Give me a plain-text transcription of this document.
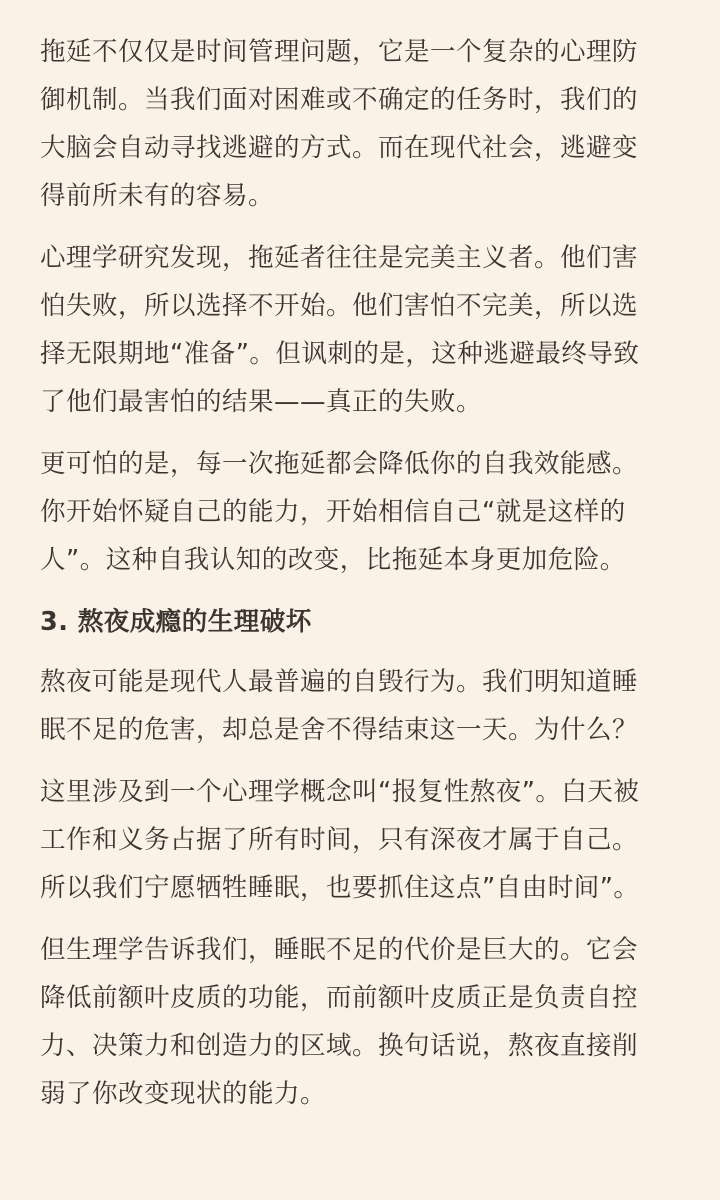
拖延不仅仅是时间管理问题，它是一个复杂的心理防
御机制。当我们面对困难或不确定的任务时，我们的
大脑会自动寻找逃避的方式。而在现代社会，逃避变
得前所未有的容易。

心理学研究发现，拖延者往往是完美主义者。他们害
怕失败，所以选择不开始。他们害怕不完美，所以选
择无限期地“准备”。但讽刺的是，这种逃避最终导致
了他们最害怕的结果——真正的失败。

更可怕的是，每一次拖延都会降低你的自我效能感。
你开始怀疑自己的能力，开始相信自己“就是这样的
人”。这种自我认知的改变，比拖延本身更加危险。

3. 熬夜成瘾的生理破坏

熬夜可能是现代人最普遍的自毁行为。我们明知道睡
眠不足的危害，却总是舍不得结束这一天。为什么？

这里涉及到一个心理学概念叫“报复性熬夜”。白天被
工作和义务占据了所有时间，只有深夜才属于自己。
所以我们宁愿牺牲睡眠，也要抓住这点”自由时间”。

但生理学告诉我们，睡眠不足的代价是巨大的。它会
降低前额叶皮质的功能，而前额叶皮质正是负责自控
力、决策力和创造力的区域。换句话说，熬夜直接削
弱了你改变现状的能力。
